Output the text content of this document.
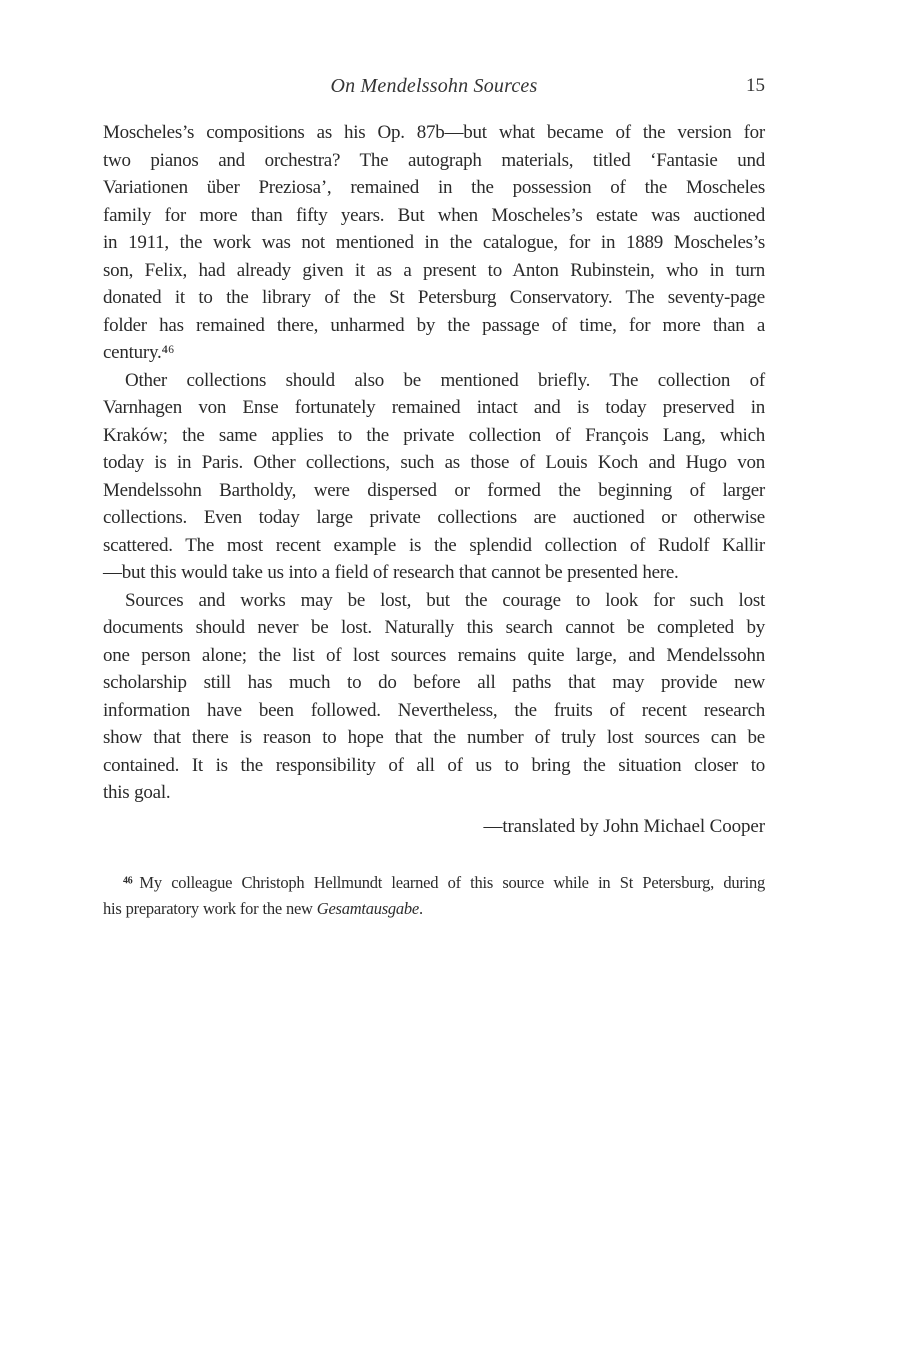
On Mendelssohn Sources	15
Moscheles’s compositions as his Op. 87b—but what became of the version for
two pianos and orchestra? The autograph materials, titled ‘Fantasie und
Variationen über Preziosa’, remained in the possession of the Moscheles
family for more than fifty years. But when Moscheles’s estate was auctioned
in 1911, the work was not mentioned in the catalogue, for in 1889 Moscheles’s
son, Felix, had already given it as a present to Anton Rubinstein, who in turn
donated it to the library of the St Petersburg Conservatory. The seventy-page
folder has remained there, unharmed by the passage of time, for more than a
century.⁴⁶
Other collections should also be mentioned briefly. The collection of
Varnhagen von Ense fortunately remained intact and is today preserved in
Kraków; the same applies to the private collection of François Lang, which
today is in Paris. Other collections, such as those of Louis Koch and Hugo von
Mendelssohn Bartholdy, were dispersed or formed the beginning of larger
collections. Even today large private collections are auctioned or otherwise
scattered. The most recent example is the splendid collection of Rudolf Kallir
—but this would take us into a field of research that cannot be presented here.
Sources and works may be lost, but the courage to look for such lost
documents should never be lost. Naturally this search cannot be completed by
one person alone; the list of lost sources remains quite large, and Mendelssohn
scholarship still has much to do before all paths that may provide new
information have been followed. Nevertheless, the fruits of recent research
show that there is reason to hope that the number of truly lost sources can be
contained. It is the responsibility of all of us to bring the situation closer to
this goal.
—translated by John Michael Cooper
⁴⁶ My colleague Christoph Hellmundt learned of this source while in St Petersburg, during
his preparatory work for the new Gesamtausgabe.
